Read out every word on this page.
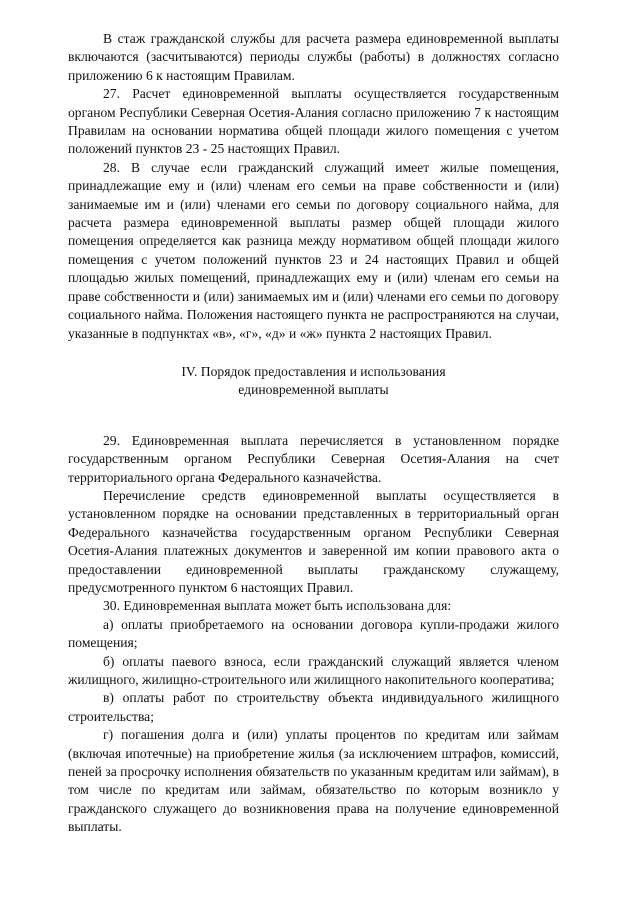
В стаж гражданской службы для расчета размера единовременной выплаты включаются (засчитываются) периоды службы (работы) в должностях согласно приложению 6 к настоящим Правилам.

27. Расчет единовременной выплаты осуществляется государственным органом Республики Северная Осетия-Алания согласно приложению 7 к настоящим Правилам на основании норматива общей площади жилого помещения с учетом положений пунктов 23 - 25 настоящих Правил.

28. В случае если гражданский служащий имеет жилые помещения, принадлежащие ему и (или) членам его семьи на праве собственности и (или) занимаемые им и (или) членами его семьи по договору социального найма, для расчета размера единовременной выплаты размер общей площади жилого помещения определяется как разница между нормативом общей площади жилого помещения с учетом положений пунктов 23 и 24 настоящих Правил и общей площадью жилых помещений, принадлежащих ему и (или) членам его семьи на праве собственности и (или) занимаемых им и (или) членами его семьи по договору социального найма. Положения настоящего пункта не распространяются на случаи, указанные в подпунктах «в», «г», «д» и «ж» пункта 2 настоящих Правил.

IV. Порядок предоставления и использования
единовременной выплаты

29. Единовременная выплата перечисляется в установленном порядке государственным органом Республики Северная Осетия-Алания на счет территориального органа Федерального казначейства.

Перечисление средств единовременной выплаты осуществляется в установленном порядке на основании представленных в территориальный орган Федерального казначейства государственным органом Республики Северная Осетия-Алания платежных документов и заверенной им копии правового акта о предоставлении единовременной выплаты гражданскому служащему, предусмотренного пунктом 6 настоящих Правил.

30. Единовременная выплата может быть использована для:

а) оплаты приобретаемого на основании договора купли-продажи жилого помещения;

б) оплаты паевого взноса, если гражданский служащий является членом жилищного, жилищно-строительного или жилищного накопительного кооператива;

в) оплаты работ по строительству объекта индивидуального жилищного строительства;

г) погашения долга и (или) уплаты процентов по кредитам или займам (включая ипотечные) на приобретение жилья (за исключением штрафов, комиссий, пеней за просрочку исполнения обязательств по указанным кредитам или займам), в том числе по кредитам или займам, обязательство по которым возникло у гражданского служащего до возникновения права на получение единовременной выплаты.
